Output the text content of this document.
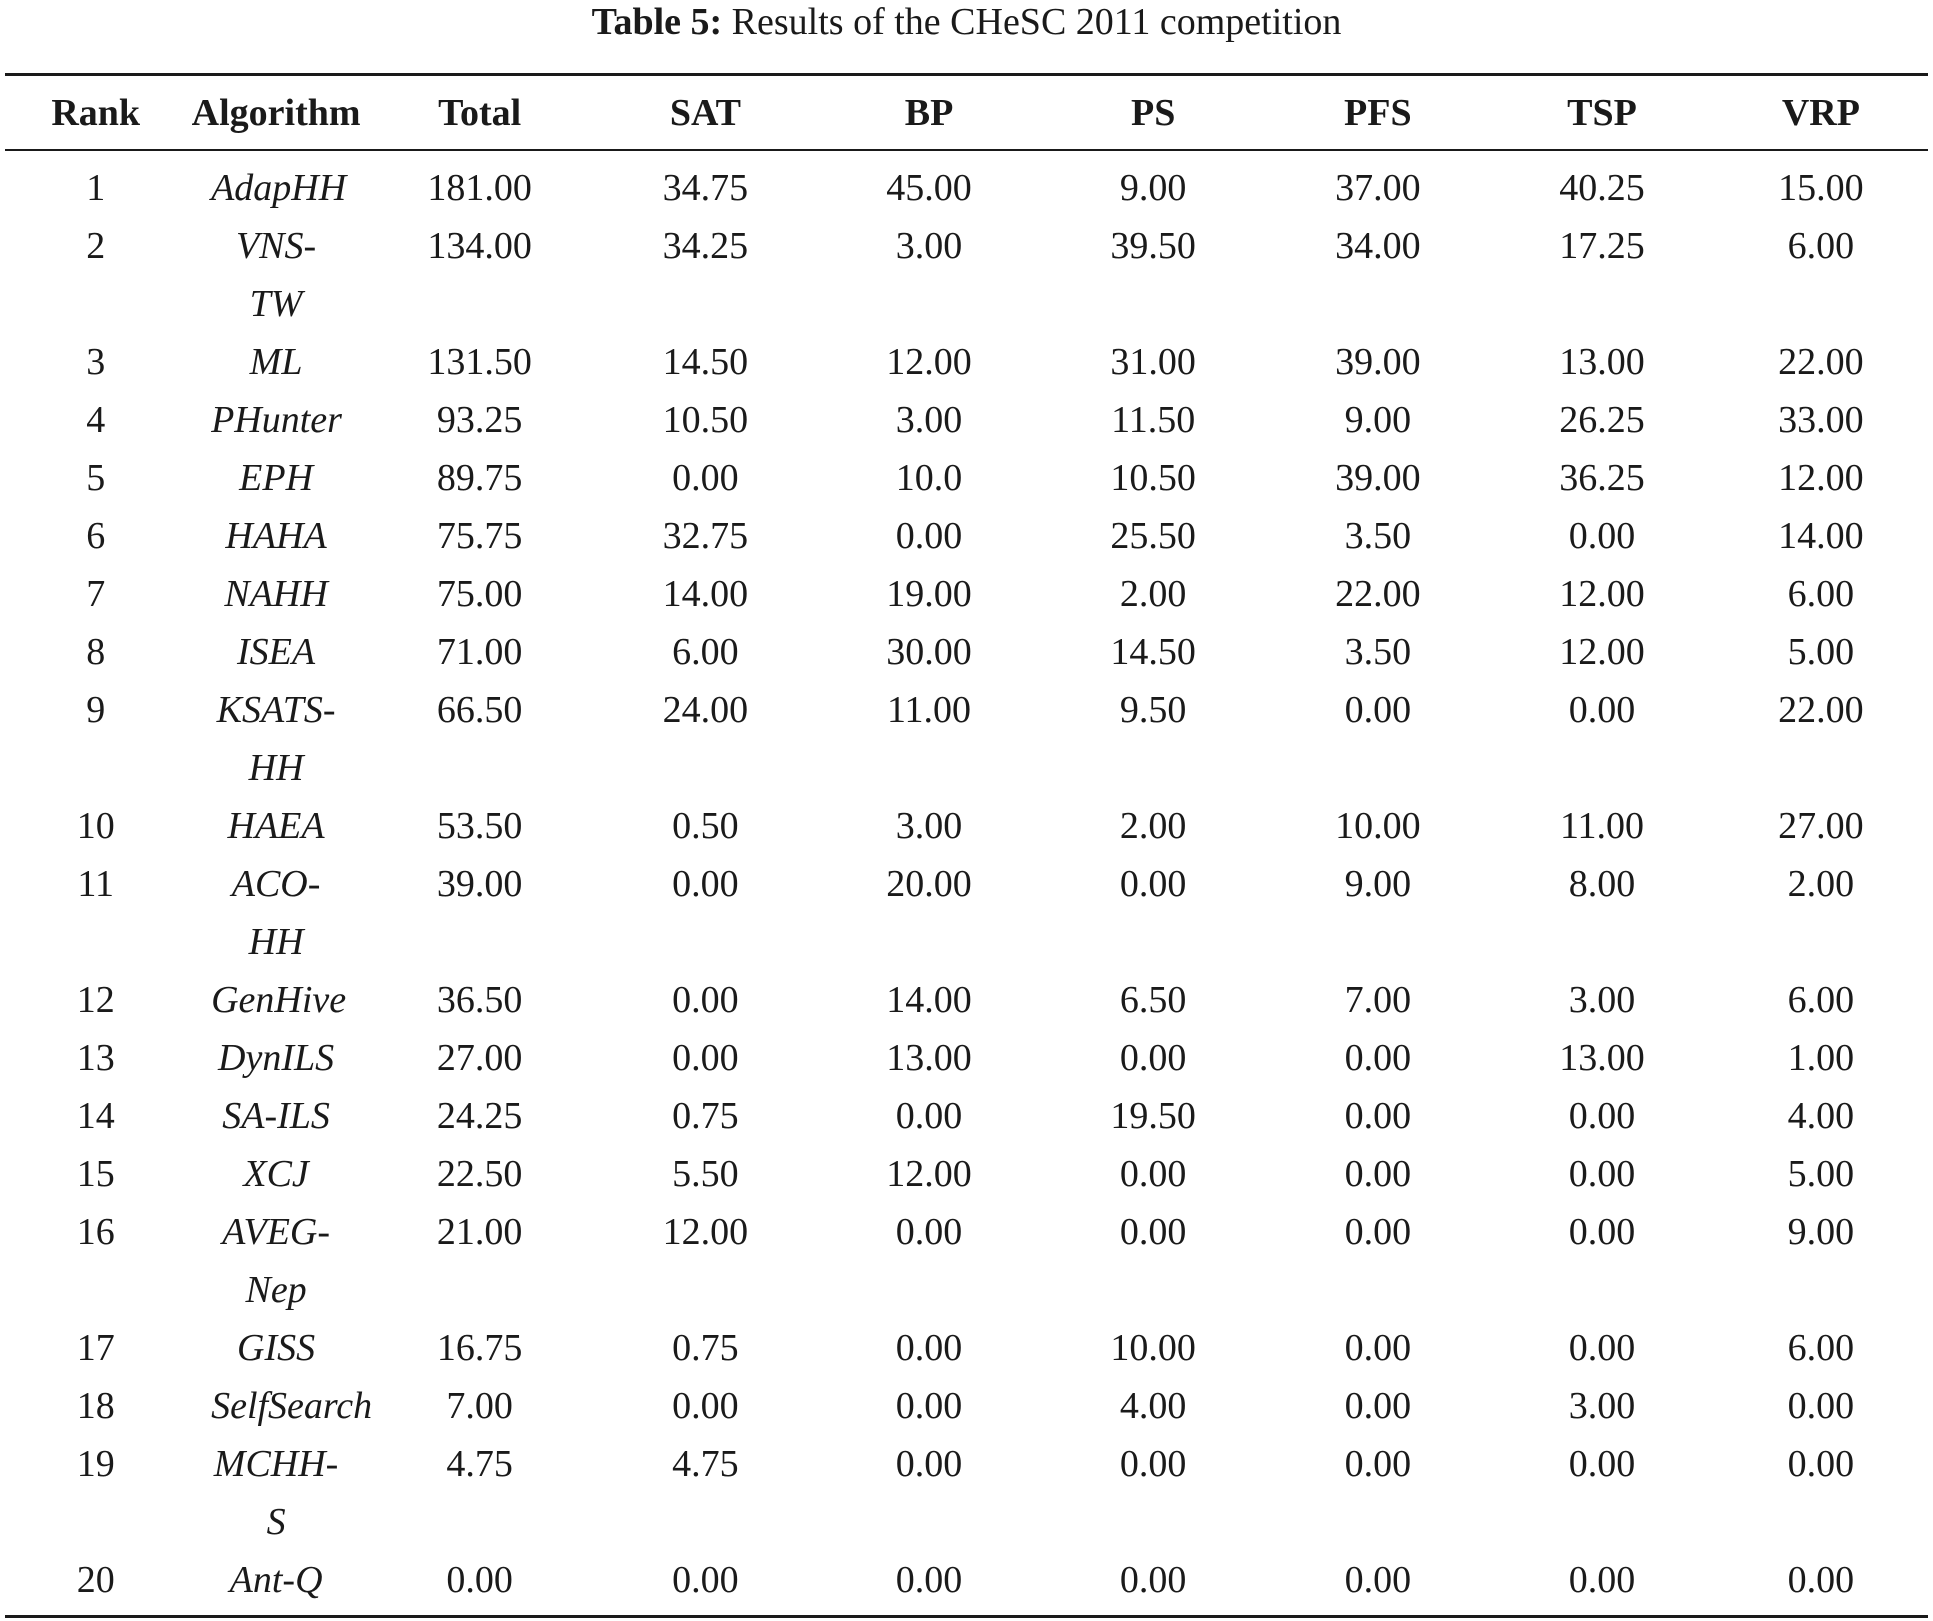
Table 5: Results of the CHeSC 2011 competition
Rank	Algorithm	Total	SAT	BP	PS	PFS	TSP	VRP
1	AdapHH	181.00	34.75	45.00	9.00	37.00	40.25	15.00
2	VNS-TW	134.00	34.25	3.00	39.50	34.00	17.25	6.00
3	ML	131.50	14.50	12.00	31.00	39.00	13.00	22.00
4	PHunter	93.25	10.50	3.00	11.50	9.00	26.25	33.00
5	EPH	89.75	0.00	10.0	10.50	39.00	36.25	12.00
6	HAHA	75.75	32.75	0.00	25.50	3.50	0.00	14.00
7	NAHH	75.00	14.00	19.00	2.00	22.00	12.00	6.00
8	ISEA	71.00	6.00	30.00	14.50	3.50	12.00	5.00
9	KSATS-HH	66.50	24.00	11.00	9.50	0.00	0.00	22.00
10	HAEA	53.50	0.50	3.00	2.00	10.00	11.00	27.00
11	ACO-HH	39.00	0.00	20.00	0.00	9.00	8.00	2.00
12	GenHive	36.50	0.00	14.00	6.50	7.00	3.00	6.00
13	DynILS	27.00	0.00	13.00	0.00	0.00	13.00	1.00
14	SA-ILS	24.25	0.75	0.00	19.50	0.00	0.00	4.00
15	XCJ	22.50	5.50	12.00	0.00	0.00	0.00	5.00
16	AVEG-Nep	21.00	12.00	0.00	0.00	0.00	0.00	9.00
17	GISS	16.75	0.75	0.00	10.00	0.00	0.00	6.00
18	SelfSearch	7.00	0.00	0.00	4.00	0.00	3.00	0.00
19	MCHH-S	4.75	4.75	0.00	0.00	0.00	0.00	0.00
20	Ant-Q	0.00	0.00	0.00	0.00	0.00	0.00	0.00
